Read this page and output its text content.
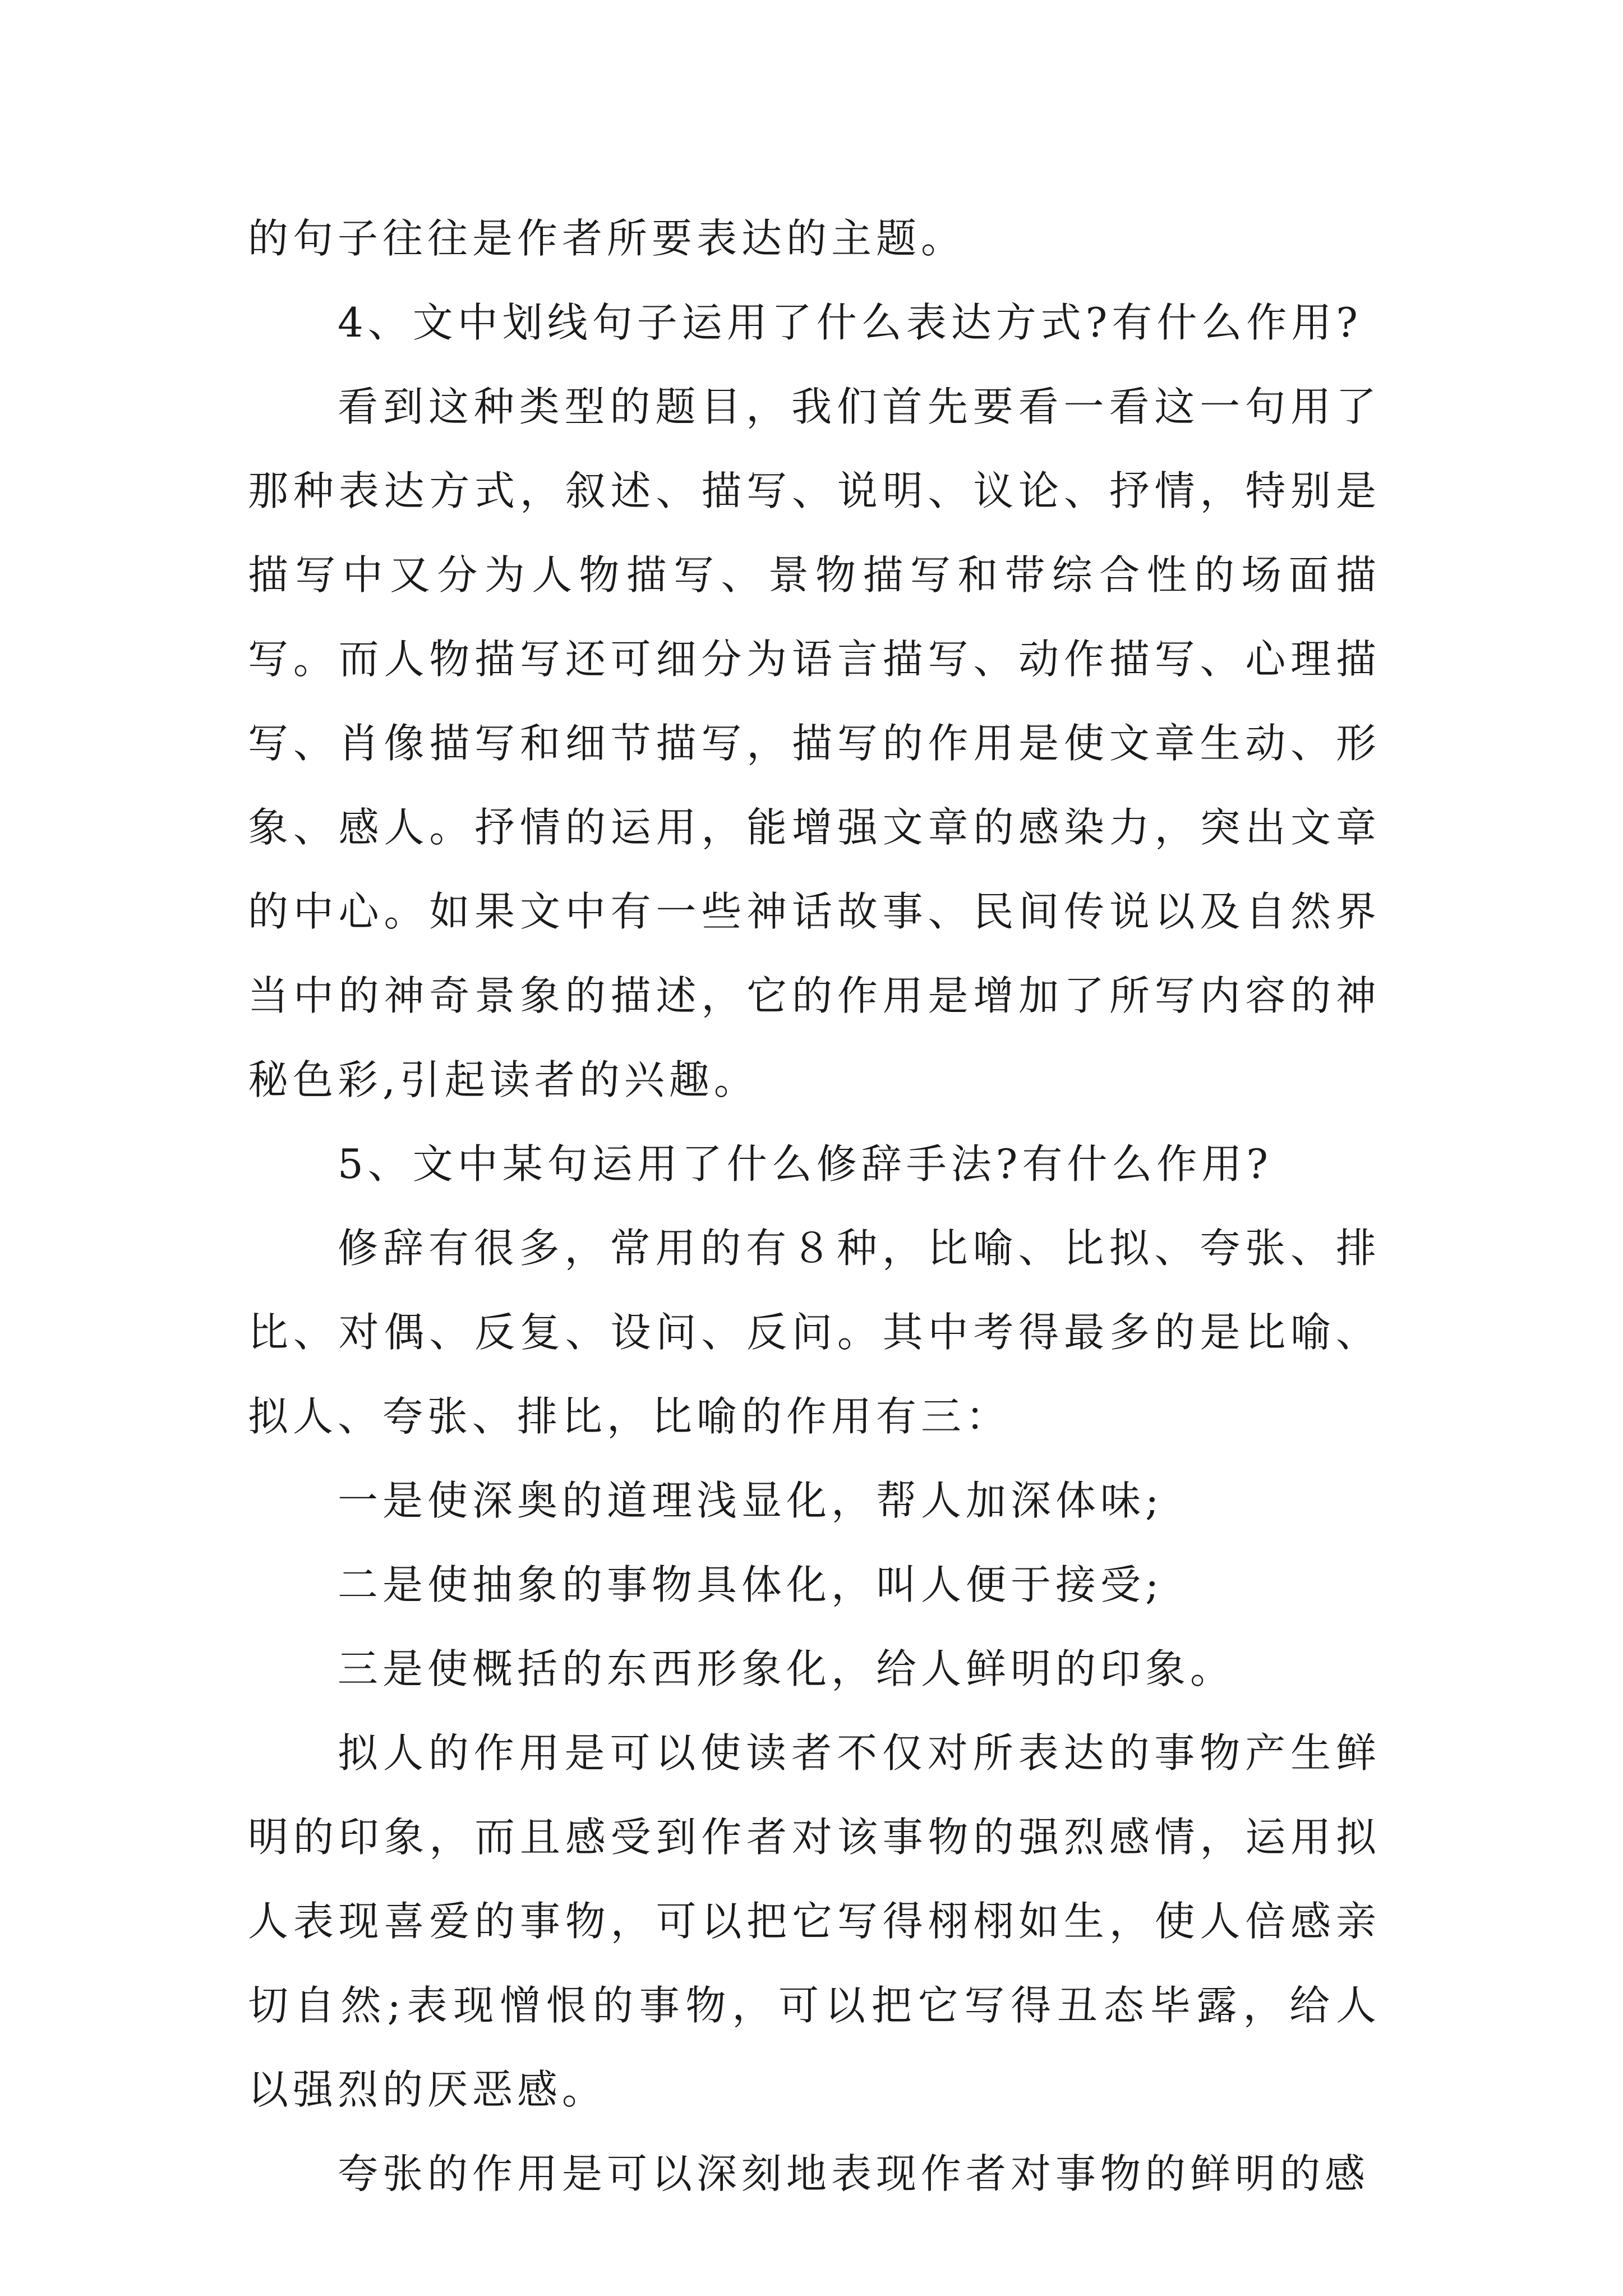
的句子往往是作者所要表达的主题。

4、文中划线句子运用了什么表达方式?有什么作用?

看到这种类型的题目，我们首先要看一看这一句用了那种表达方式，叙述、描写、说明、议论、抒情，特别是描写中又分为人物描写、景物描写和带综合性的场面描写。而人物描写还可细分为语言描写、动作描写、心理描写、肖像描写和细节描写，描写的作用是使文章生动、形象、感人。抒情的运用，能增强文章的感染力，突出文章的中心。如果文中有一些神话故事、民间传说以及自然界当中的神奇景象的描述，它的作用是增加了所写内容的神秘色彩,引起读者的兴趣。

5、文中某句运用了什么修辞手法?有什么作用?

修辞有很多，常用的有８种，比喻、比拟、夸张、排比、对偶、反复、设问、反问。其中考得最多的是比喻、拟人、夸张、排比，比喻的作用有三：

一是使深奥的道理浅显化，帮人加深体味;

二是使抽象的事物具体化，叫人便于接受;

三是使概括的东西形象化，给人鲜明的印象。

拟人的作用是可以使读者不仅对所表达的事物产生鲜明的印象，而且感受到作者对该事物的强烈感情，运用拟人表现喜爱的事物，可以把它写得栩栩如生，使人倍感亲切自然;表现憎恨的事物，可以把它写得丑态毕露，给人以强烈的厌恶感。

夸张的作用是可以深刻地表现作者对事物的鲜明的感
